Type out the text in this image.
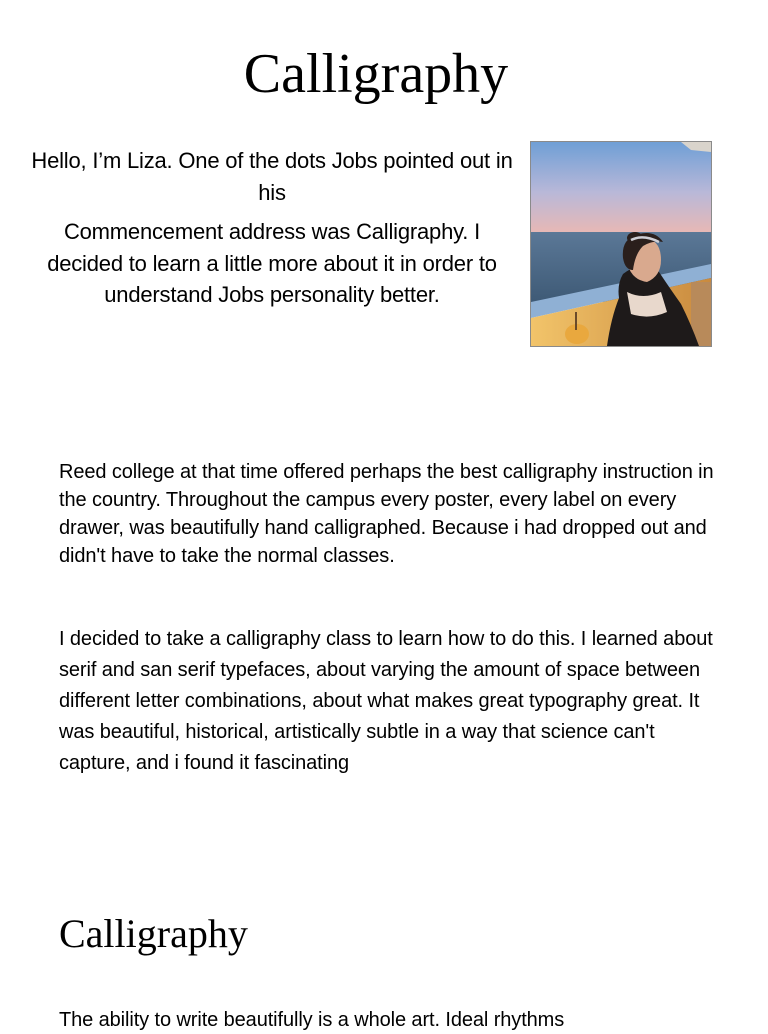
Calligraphy

Hello, I’m Liza. One of the dots Jobs pointed out in his

Commencement address was Calligraphy. I decided to learn a little more about it in order to understand Jobs personality better.

Reed college at that time offered perhaps the best calligraphy instruction in the country. Throughout the campus every poster, every label on every drawer, was beautifully hand calligraphed. Because i had dropped out and didn't have to take the normal classes.

I decided to take a calligraphy class to learn how to do this. I learned about serif and san serif typefaces, about varying the amount of space between different letter combinations, about what makes great typography great. It was beautiful, historical, artistically subtle in a way that science can't capture, and i found it fascinating

Calligraphy

The ability to write beautifully is a whole art. Ideal rhythms
